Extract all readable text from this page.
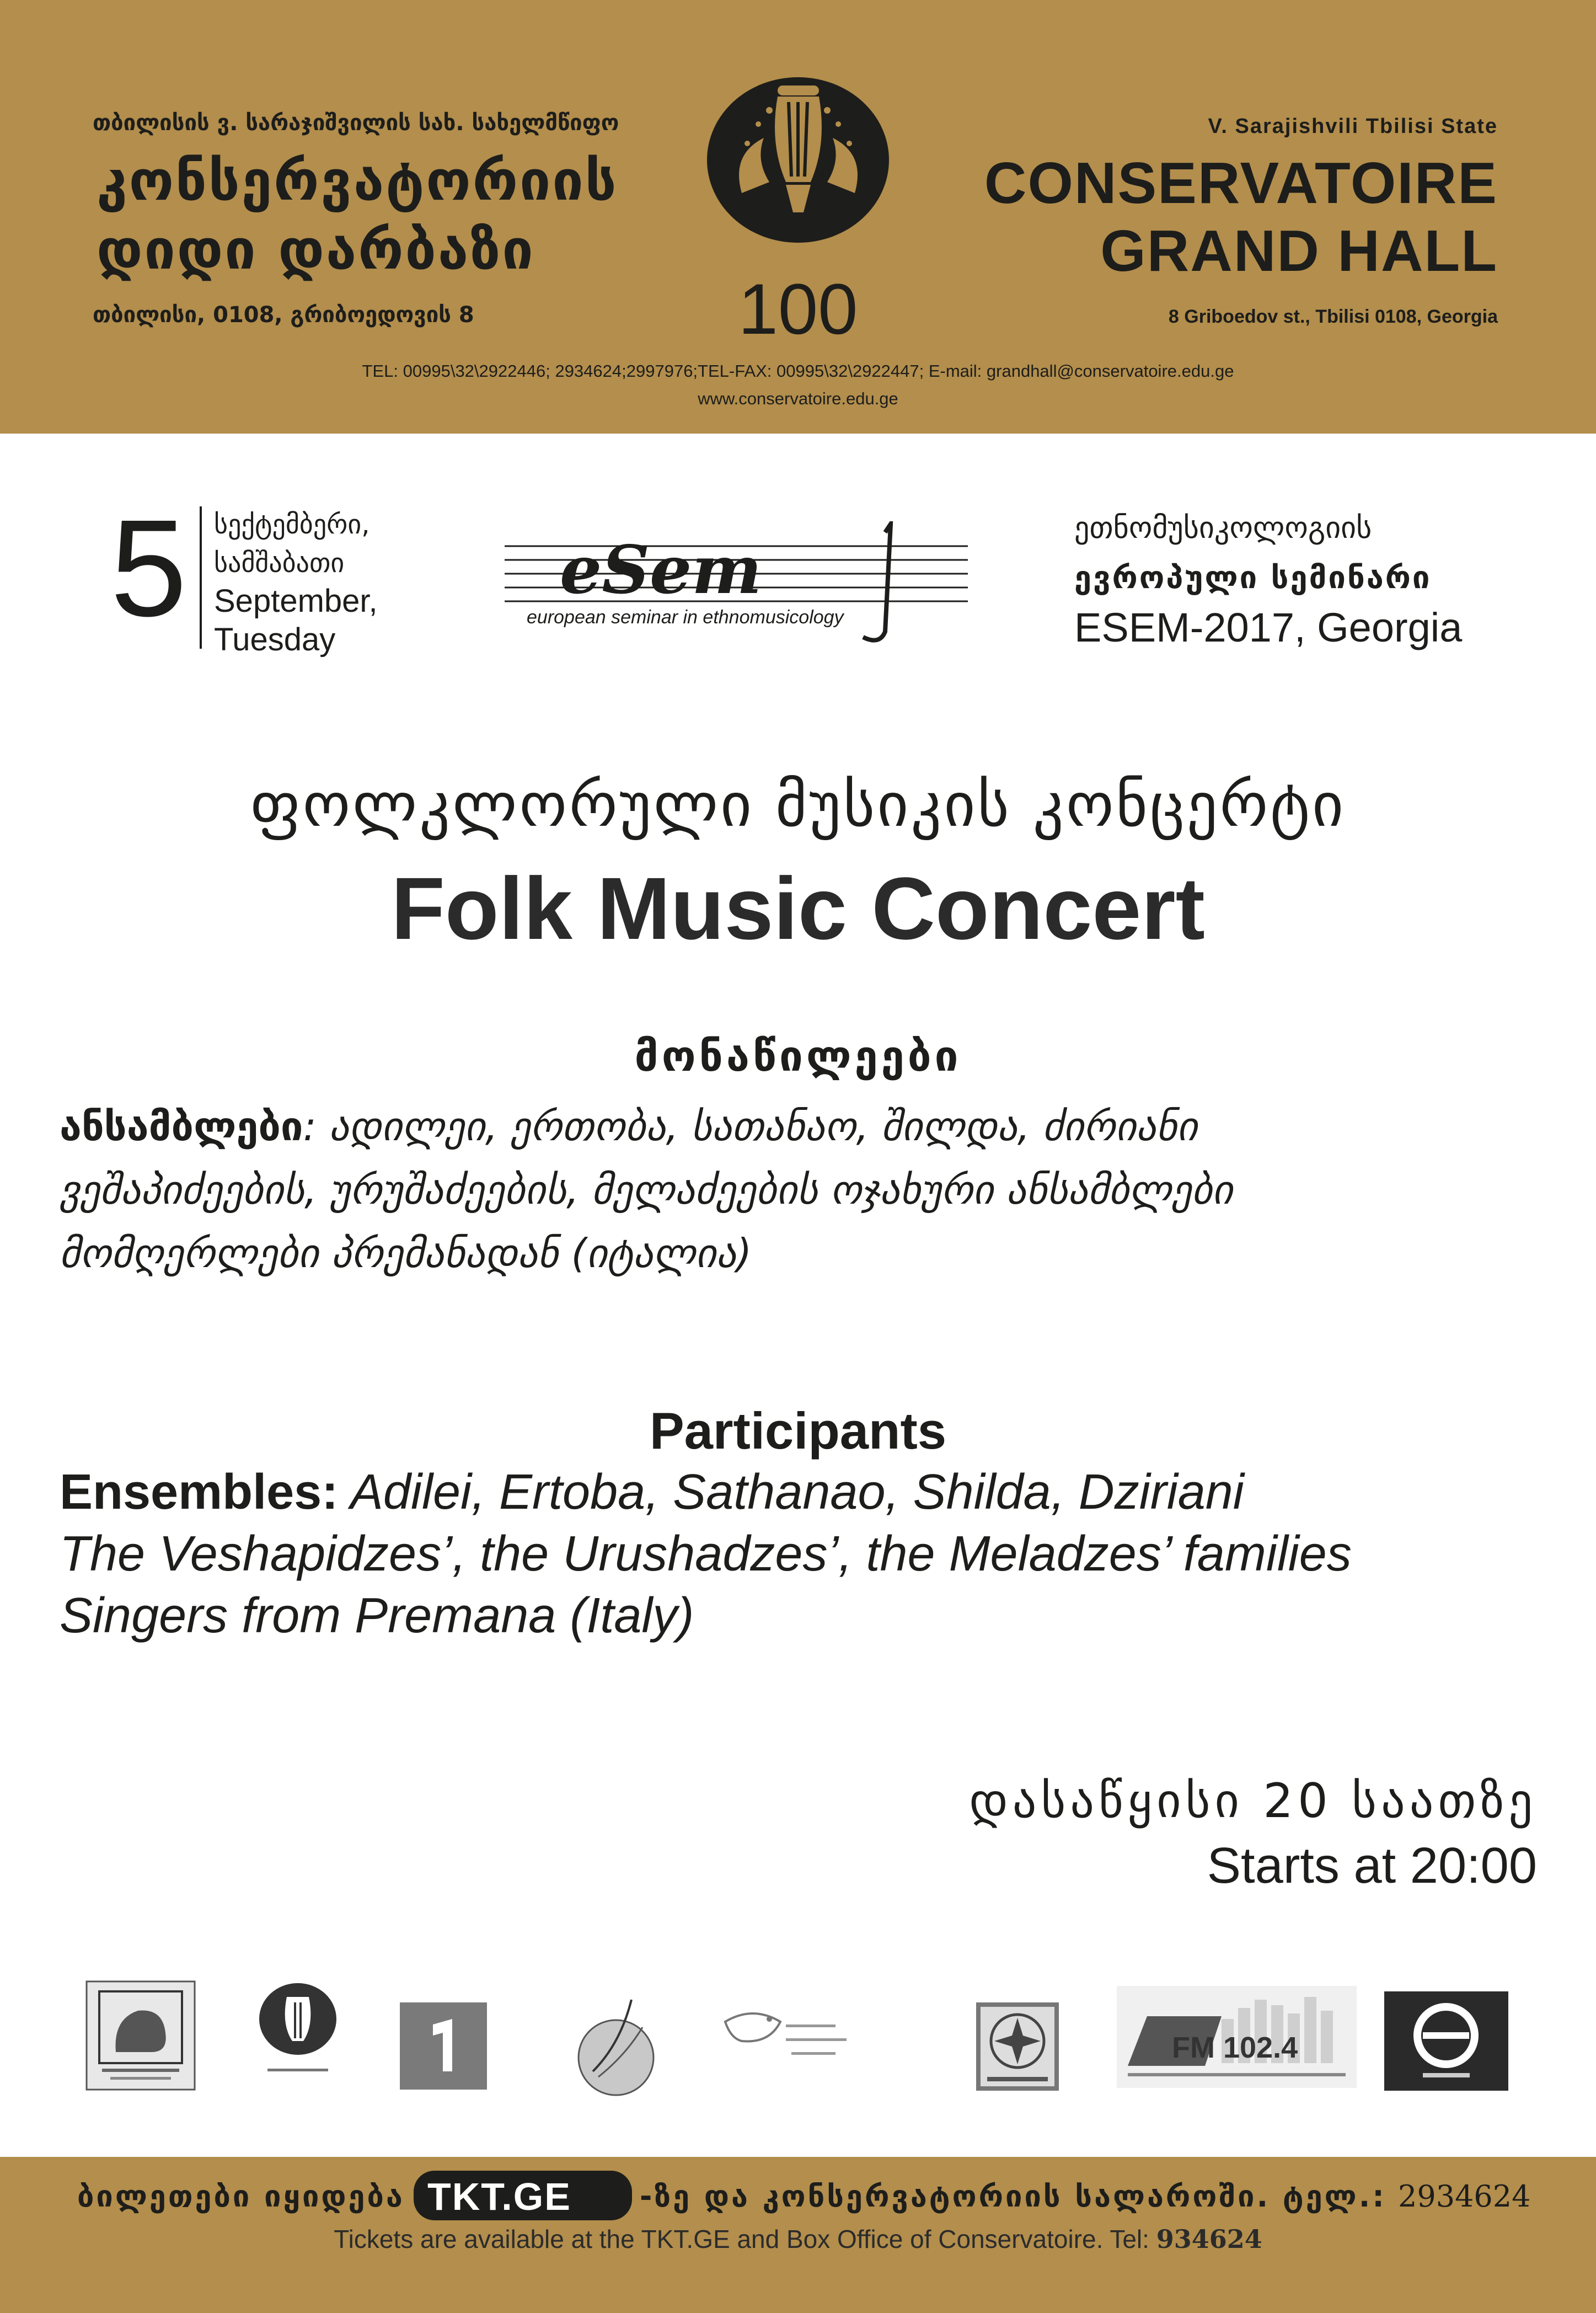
თბილისის ვ. სარაჯიშვილის სახ. სახელმწიფო
კონსერვატორიის
დიდი დარბაზი
თბილისი, 0108, გრიბოედოვის 8	100
V. Sarajishvili Tbilisi State
CONSERVATOIRE
GRAND HALL
8 Griboedov st., Tbilisi 0108, Georgia
TEL: 00995\32\2922446; 2934624;2997976;TEL-FAX: 00995\32\2922447; E-mail: grandhall@conservatoire.edu.ge
www.conservatoire.edu.ge
5 სექტემბერი,
სამშაბათი
September,
Tuesday
eSem
european seminar in ethnomusicology
ეთნომუსიკოლოგიის
ევროპული სემინარი
ESEM-2017, Georgia
ფოლკლორული მუსიკის კონცერტი
Folk Music Concert
მონაწილეები
ანსამბლები: ადილეი, ერთობა, სათანაო, შილდა, ძირიანი
ვეშაპიძეების, ურუშაძეების, მელაძეების ოჯახური ანსამბლები
მომღერლები პრემანადან (იტალია)
Participants
Ensembles: Adilei, Ertoba, Sathanao, Shilda, Dziriani
The Veshapidzes’, the Urushadzes’, the Meladzes’ families
Singers from Premana (Italy)
დასაწყისი 20 საათზე
Starts at 20:00
FM 102.4
ბილეთები იყიდება TKT.GE -ზე და კონსერვატორიის სალაროში. ტელ.: 2934624
Tickets are available at the TKT.GE and Box Office of Conservatoire. Tel: 934624
